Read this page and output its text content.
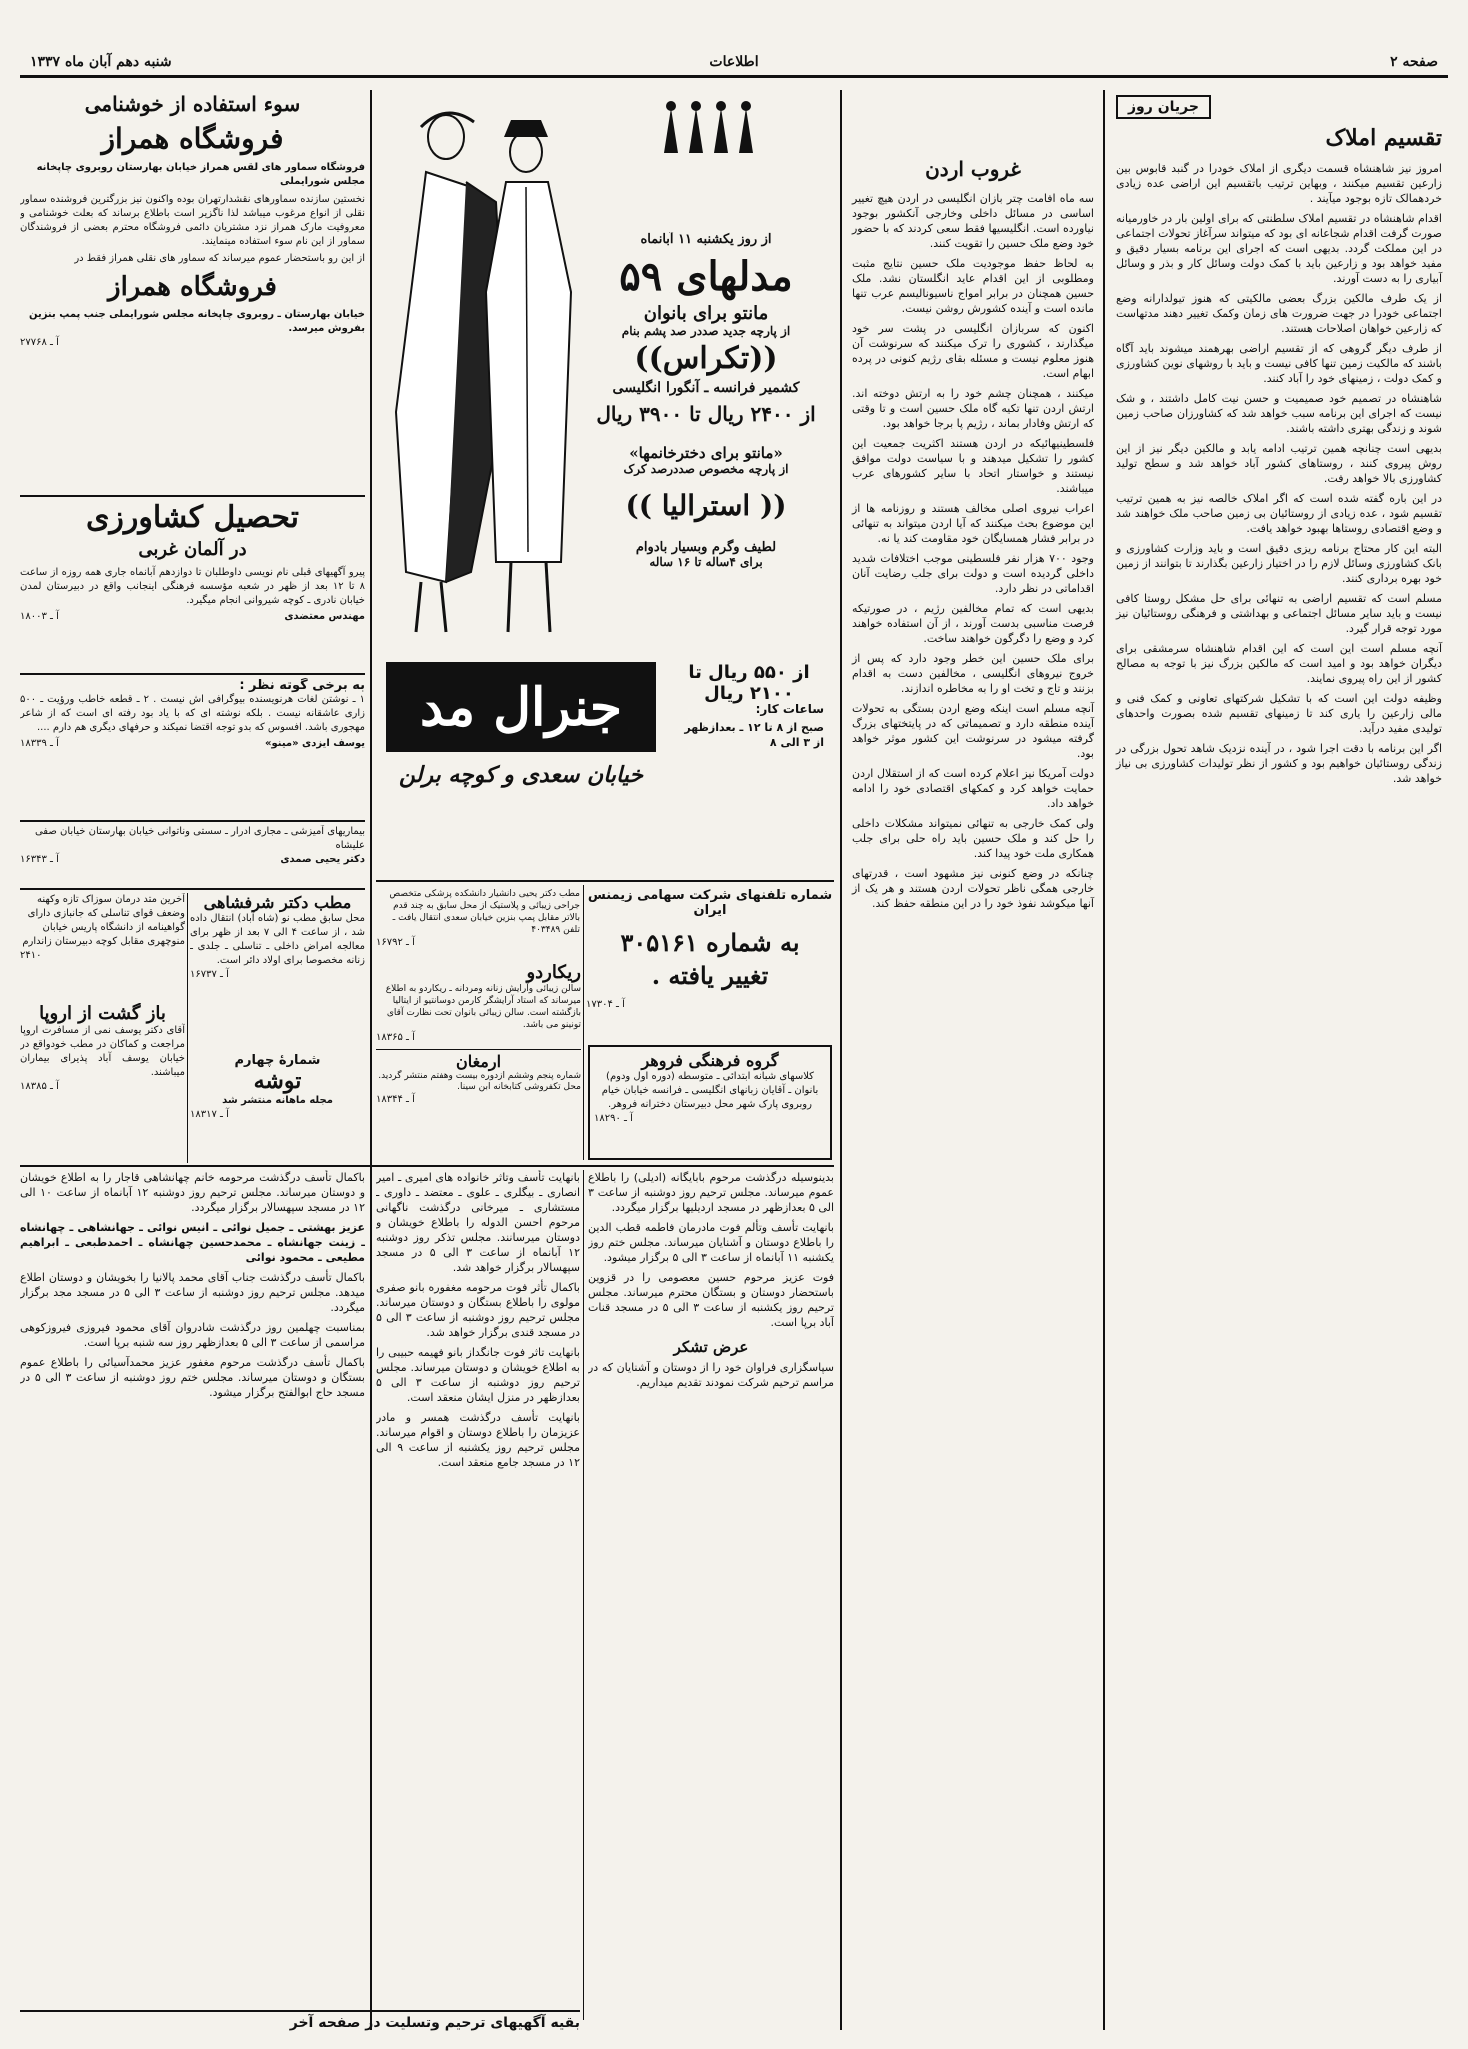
صفحه ۲
اطلاعات
شنبه دهم آبان ماه ۱۳۳۷
جریان روز
تقسیم املاک

امروز نیز شاهنشاه قسمت دیگری از املاک خودرا در گنبد قابوس بین زارعین تقسیم میکنند ، وبهاین ترتیب باتقسیم این اراضی عده زیادی خردهمالک تازه بوجود میآیند .

اقدام شاهنشاه در تقسیم املاک سلطنتی که برای اولین بار در خاورمیانه صورت گرفت اقدام شجاعانه ای بود که میتواند سرآغاز تحولات اجتماعی در این مملکت گردد. بدیهی است که اجرای این برنامه بسیار دقیق و مفید خواهد بود و زارعین باید با کمک دولت وسائل کار و بذر و وسائل آبیاری را به دست آورند.

از یک طرف مالکین بزرگ بعضی مالکیتی که هنوز تیولدارانه وضع اجتماعی خودرا در جهت ضرورت های زمان وکمک تغییر دهند مدتهاست که زارعین خواهان اصلاحات هستند.

از طرف دیگر گروهی که از تقسیم اراضی بهرهمند میشوند باید آگاه باشند که مالکیت زمین تنها کافی نیست و باید با روشهای نوین کشاورزی و کمک دولت ، زمینهای خود را آباد کنند.

شاهنشاه در تصمیم خود صمیمیت و حسن نیت کامل داشتند ، و شک نیست که اجرای این برنامه سبب خواهد شد که کشاورزان صاحب زمین شوند و زندگی بهتری داشته باشند.

بدیهی است چنانچه همین ترتیب ادامه یابد و مالکین دیگر نیز از این روش پیروی کنند ، روستاهای کشور آباد خواهد شد و سطح تولید کشاورزی بالا خواهد رفت.

در این باره گفته شده است که اگر املاک خالصه نیز به همین ترتیب تقسیم شود ، عده زیادی از روستائیان بی زمین صاحب ملک خواهند شد و وضع اقتصادی روستاها بهبود خواهد یافت.

البته این کار محتاج برنامه ریزی دقیق است و باید وزارت کشاورزی و بانک کشاورزی وسائل لازم را در اختیار زارعین بگذارند تا بتوانند از زمین خود بهره برداری کنند.

مسلم است که تقسیم اراضی به تنهائی برای حل مشکل روستا کافی نیست و باید سایر مسائل اجتماعی و بهداشتی و فرهنگی روستائیان نیز مورد توجه قرار گیرد.

آنچه مسلم است این است که این اقدام شاهنشاه سرمشقی برای دیگران خواهد بود و امید است که مالکین بزرگ نیز با توجه به مصالح کشور از این راه پیروی نمایند.

وظیفه دولت این است که با تشکیل شرکتهای تعاونی و کمک فنی و مالی زارعین را یاری کند تا زمینهای تقسیم شده بصورت واحدهای تولیدی مفید درآید.

اگر این برنامه با دقت اجرا شود ، در آینده نزدیک شاهد تحول بزرگی در زندگی روستائیان خواهیم بود و کشور از نظر تولیدات کشاورزی بی نیاز خواهد شد.

غروب اردن

سه ماه افامت چتر بازان انگلیسی در اردن هیچ تغییر اساسی در مسائل داخلی وخارجی آنکشور بوجود نیاورده است. انگلیسیها فقط سعی کردند که با حضور خود وضع ملک حسین را تقویت کنند.

به لحاظ حفظ موجودیت ملک حسین نتایج مثبت ومطلوبی از این اقدام عاید انگلستان نشد. ملک حسین همچنان در برابر امواج ناسیونالیسم عرب تنها مانده است و آینده کشورش روشن نیست.

اکنون که سربازان انگلیسی در پشت سر خود میگذارند ، کشوری را ترک میکنند که سرنوشت آن هنوز معلوم نیست و مسئله بقای رژیم کنونی در پرده ابهام است.

میکنند ، همچنان چشم خود را به ارتش دوخته اند. ارتش اردن تنها تکیه گاه ملک حسین است و تا وقتی که ارتش وفادار بماند ، رژیم پا برجا خواهد بود.

فلسطینیهائیکه در اردن هستند اکثریت جمعیت این کشور را تشکیل میدهند و با سیاست دولت موافق نیستند و خواستار اتحاد با سایر کشورهای عرب میباشند.

اعراب نیروی اصلی مخالف هستند و روزنامه ها از این موضوع بحث میکنند که آیا اردن میتواند به تنهائی در برابر فشار همسایگان خود مقاومت کند یا نه.

وجود ۷۰۰ هزار نفر فلسطینی موجب اختلافات شدید داخلی گردیده است و دولت برای جلب رضایت آنان اقداماتی در نظر دارد.

بدیهی است که تمام مخالفین رژیم ، در صورتیکه فرصت مناسبی بدست آورند ، از آن استفاده خواهند کرد و وضع را دگرگون خواهند ساخت.

برای ملک حسین این خطر وجود دارد که پس از خروج نیروهای انگلیسی ، مخالفین دست به اقدام بزنند و تاج و تخت او را به مخاطره اندازند.

آنچه مسلم است اینکه وضع اردن بستگی به تحولات آینده منطقه دارد و تصمیماتی که در پایتختهای بزرگ گرفته میشود در سرنوشت این کشور موثر خواهد بود.

دولت آمریکا نیز اعلام کرده است که از استقلال اردن حمایت خواهد کرد و کمکهای اقتصادی خود را ادامه خواهد داد.

ولی کمک خارجی به تنهائی نمیتواند مشکلات داخلی را حل کند و ملک حسین باید راه حلی برای جلب همکاری ملت خود پیدا کند.

چنانکه در وضع کنونی نیز مشهود است ، قدرتهای خارجی همگی ناظر تحولات اردن هستند و هر یک از آنها میکوشد نفوذ خود را در این منطقه حفظ کند.

از روز یکشنبه ۱۱ آبانماه
مدلهای ۵۹
مانتو برای بانوان
از پارچه جدید صددر صد پشم بنام
((تکراس))
کشمیر فرانسه ـ آنگورا انگلیسی
از ۲۴۰۰ ریال تا ۳۹۰۰ ریال
«مانتو برای دخترخانمها»
از پارچه مخصوص صددرصد کرک
(( استرالیا ))
لطیف وگرم وبسیار بادوام
برای ۴ساله تا ۱۶ ساله
از ۵۵۰ ریال تا ۲۱۰۰ ریال
ساعات کار:
صبح از ۸ تا ۱۲ ـ بعدازظهر از ۳ الی ۸
جنرال مد
خیابان سعدی و کوچه برلن
سوء استفاده از خوشنامی
فروشگاه همراز
فروشگاه سماور های لقس همراز خیابان بهارستان روبروی چاپخانه مجلس شورایملی
نخستین سازنده سماورهای نقشدارتهران بوده واکنون نیز بزرگترین فروشنده سماور نقلی از انواع مرغوب میباشد لذا ناگزیر است باطلاع برساند که بعلت خوشنامی و معروفیت مارک همراز نزد مشتریان دائمی فروشگاه محترم بعضی از فروشندگان سماور از این نام سوء استفاده مینمایند.
از این رو باستحضار عموم میرساند که سماور های نقلی همراز فقط در
فروشگاه همراز
خیابان بهارستان ـ روبروی چاپخانه مجلس شورایملی جنب پمپ بنزین بفروش میرسد.
آ ـ ۲۷۷۶۸
تحصیل کشاورزی
در آلمان غربی
پیرو آگهیهای قبلی نام نویسی داوطلبان تا دوازدهم آبانماه جاری همه روزه از ساعت ۸ تا ۱۲ بعد از ظهر در شعبه مؤسسه فرهنگی اینجانب واقع در دبیرستان لمدن خیابان نادری ـ کوچه شیروانی انجام میگیرد.
مهندس معتضدی
آ ـ ۱۸۰۰۳
به برخی گوته نظر :
۱ ـ نوشتن لغات هرنویسنده بیوگرافی اش نیست . ۲ ـ قطعه خاطب ورؤیت ـ ۵۰۰ زاری عاشقانه نیست . بلکه نوشته ای که با یاد بود رفته ای است که از شاعر مهجوری باشد. افسوس که بدو توجه اقتضا نمیکند و حرفهای دیگری هم دارم ....
یوسف ایزدی «مینو»
آ ـ ۱۸۳۳۹
بیماریهای آمیزشی ـ مجاری ادرار ـ سستی وناتوانی خیابان بهارستان خیابان صفی علیشاه
دکتر یحیی صمدی
آ ـ ۱۶۳۴۳
مطب دکتر شرفشاهی
محل سابق مطب نو (شاه آباد) انتقال داده شد ، از ساعت ۴ الی ۷ بعد از ظهر برای معالجه امراض داخلی ـ تناسلی ـ جلدی ـ زنانه مخصوصا برای اولاد دائر است.
آ ـ ۱۶۷۳۷
آخرین متد درمان سوزاک تازه وکهنه وضعف قوای تناسلی که جانبازی دارای گواهینامه از دانشگاه پاریس خیابان منوچهری مقابل کوچه دبیرستان زاندارم
۲۴۱۰
باز گشت از اروپا
آقای دکتر یوسف نمی از مسافرت اروپا مراجعت و کماکان در مطب خودواقع در خیابان یوسف آباد پذیرای بیماران میباشند.
آ ـ ۱۸۳۸۵
شمارهٔ چهارم
توشه
مجله ماهانه منتشر شد
آ ـ ۱۸۳۱۷
شماره تلفنهای شرکت سهامی زیمنس ایران
به شماره ۳۰۵۱۶۱
تغییر یافته .
آ ـ ۱۷۳۰۴
مطب دکتر یحیی دانشیار دانشکده پزشکی متخصص جراحی زیبائی و پلاستیک از محل سابق به چند قدم بالاتر مقابل پمپ بنزین خیابان سعدی انتقال یافت ـ تلفن ۴۰۳۴۸۹
آ ـ ۱۶۷۹۲
گروه فرهنگی فروهر
کلاسهای شبانه ابتدائی ـ متوسطه (دوره اول ودوم) بانوان ـ آقایان زبانهای انگلیسی ـ فرانسه خیابان خیام روبروی پارک شهر محل دبیرستان دخترانه فروهر.
آ ـ ۱۸۲۹۰
ریکاردو
سالن زیبائی وآرایش زنانه ومردانه ـ ریکاردو به اطلاع میرساند که استاد آرایشگر کارمن دوسانتیو از ایتالیا بازگشته است. سالن زیبائی بانوان تحت نظارت آقای تونینو می باشد.
آ ـ ۱۸۳۶۵
ارمغان
شماره پنجم وششم ازدوره بیست وهفتم منتشر گردید. محل تکفروشی کتابخانه ابن سینا.
آ ـ ۱۸۳۴۴

بدینوسیله درگذشت مرحوم بابایگانه (ادیلی) را باطلاع عموم میرساند. مجلس ترحیم روز دوشنبه از ساعت ۳ الی ۵ بعدازظهر در مسجد اردیلیها برگزار میگردد.

بانهایت تأسف وتألم فوت مادرمان فاطمه قطب الدین را باطلاع دوستان و آشنایان میرساند. مجلس ختم روز یکشنبه ۱۱ آبانماه از ساعت ۳ الی ۵ برگزار میشود.

فوت عزیز مرحوم حسین معصومی را در قزوین باستحضار دوستان و بستگان محترم میرساند. مجلس ترحیم روز یکشنبه از ساعت ۳ الی ۵ در مسجد قنات آباد برپا است.

عرض تشکر

سپاسگزاری فراوان خود را از دوستان و آشنایان که در مراسم ترحیم شرکت نمودند تقدیم میداریم.

بانهایت تأسف وتاثر خانواده های امیری ـ امیر انصاری ـ بیگلری ـ علوی ـ معتضد ـ داوری ـ مستشاری ـ میرخانی درگذشت ناگهانی مرحوم احسن الدوله را باطلاع خویشان و دوستان میرسانند. مجلس تذکر روز دوشنبه ۱۲ آبانماه از ساعت ۳ الی ۵ در مسجد سپهسالار برگزار خواهد شد.

باکمال تأثر فوت مرحومه مغفوره بانو صفری مولوی را باطلاع بستگان و دوستان میرساند. مجلس ترحیم روز دوشنبه از ساعت ۳ الی ۵ در مسجد قندی برگزار خواهد شد.

بانهایت تاثر فوت جانگداز بانو فهیمه حبیبی را به اطلاع خویشان و دوستان میرساند. مجلس ترحیم روز دوشنبه از ساعت ۳ الی ۵ بعدازظهر در منزل ایشان منعقد است.

بانهایت تأسف درگذشت همسر و مادر عزیزمان را باطلاع دوستان و اقوام میرساند. مجلس ترحیم روز یکشنبه از ساعت ۹ الی ۱۲ در مسجد جامع منعقد است.

باکمال تأسف درگذشت مرحومه خانم چهانشاهی قاجار را به اطلاع خویشان و دوستان میرساند. مجلس ترحیم روز دوشنبه ۱۲ آبانماه از ساعت ۱۰ الی ۱۲ در مسجد سپهسالار برگزار میگردد.

عزیز بهشتی ـ جمیل نوائی ـ انیس نوائی ـ جهانشاهی ـ چهانشاه ـ زینت جهانشاه ـ محمدحسین چهانشاه ـ احمدطبعی ـ ابراهیم مطیعی ـ محمود نوائی

باکمال تأسف درگذشت جناب آقای محمد پالانیا را بخویشان و دوستان اطلاع میدهد. مجلس ترحیم روز دوشنبه از ساعت ۳ الی ۵ در مسجد مجد برگزار میگردد.

بمناسبت چهلمین روز درگذشت شادروان آقای محمود فیروزی فیروزکوهی مراسمی از ساعت ۳ الی ۵ بعدازظهر روز سه شنبه برپا است.

باکمال تأسف درگذشت مرحوم مغفور عزیز محمدآسیائی را باطلاع عموم بستگان و دوستان میرساند. مجلس ختم روز دوشنبه از ساعت ۳ الی ۵ در مسجد حاج ابوالفتح برگزار میشود.

بقیه آگهیهای ترحیم وتسلیت در صفحه آخر
